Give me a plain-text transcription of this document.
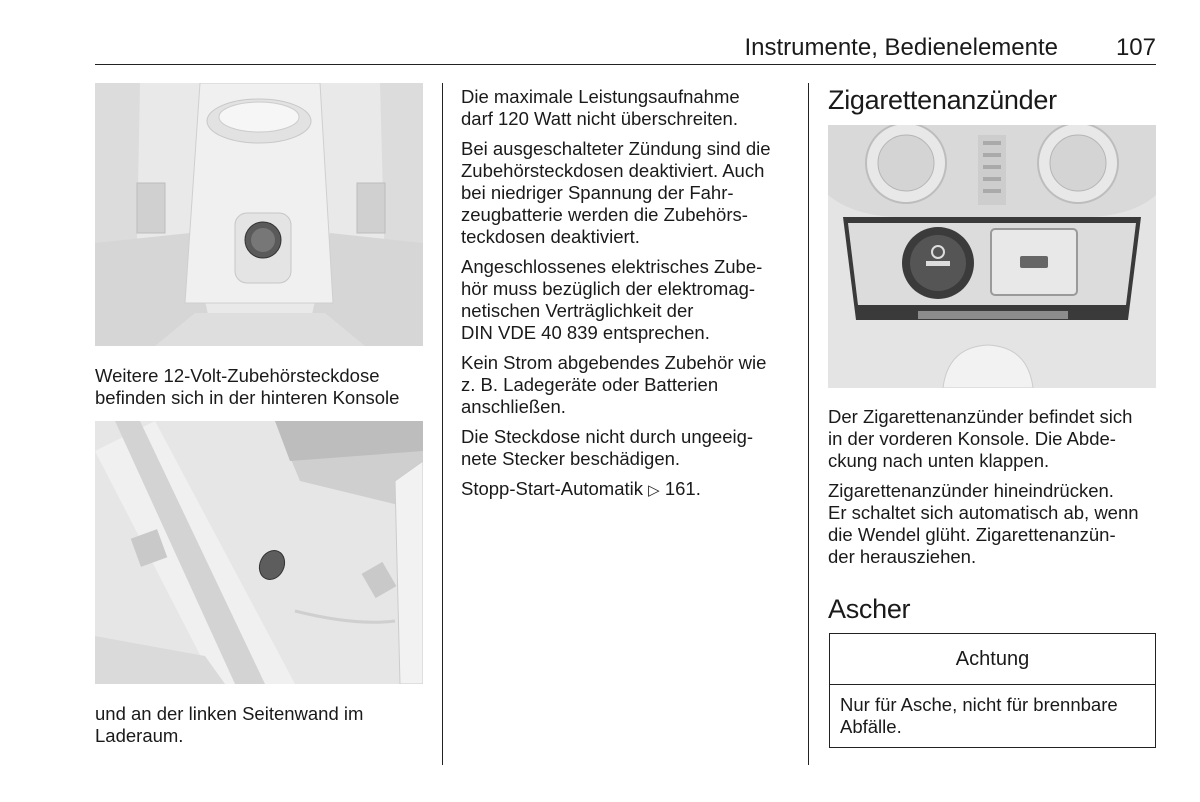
Instrumente, Bedienelemente	107

Weitere 12-Volt-Zubehörsteckdose
befinden sich in der hinteren Konsole

und an der linken Seitenwand im
Laderaum.

Die maximale Leistungsaufnahme
darf 120 Watt nicht überschreiten.

Bei ausgeschalteter Zündung sind die
Zubehörsteckdosen deaktiviert. Auch
bei niedriger Spannung der Fahr-
zeugbatterie werden die Zubehörs-
teckdosen deaktiviert.

Angeschlossenes elektrisches Zube-
hör muss bezüglich der elektromag-
netischen Verträglichkeit der
DIN VDE 40 839 entsprechen.

Kein Strom abgebendes Zubehör wie
z. B. Ladegeräte oder Batterien
anschließen.

Die Steckdose nicht durch ungeeig-
nete Stecker beschädigen.

Stopp-Start-Automatik ▷ 161.

Zigarettenanzünder

Der Zigarettenanzünder befindet sich
in der vorderen Konsole. Die Abde-
ckung nach unten klappen.

Zigarettenanzünder hineindrücken.
Er schaltet sich automatisch ab, wenn
die Wendel glüht. Zigarettenanzün-
der herausziehen.

Ascher
Achtung
Nur für Asche, nicht für brennbare
Abfälle.
